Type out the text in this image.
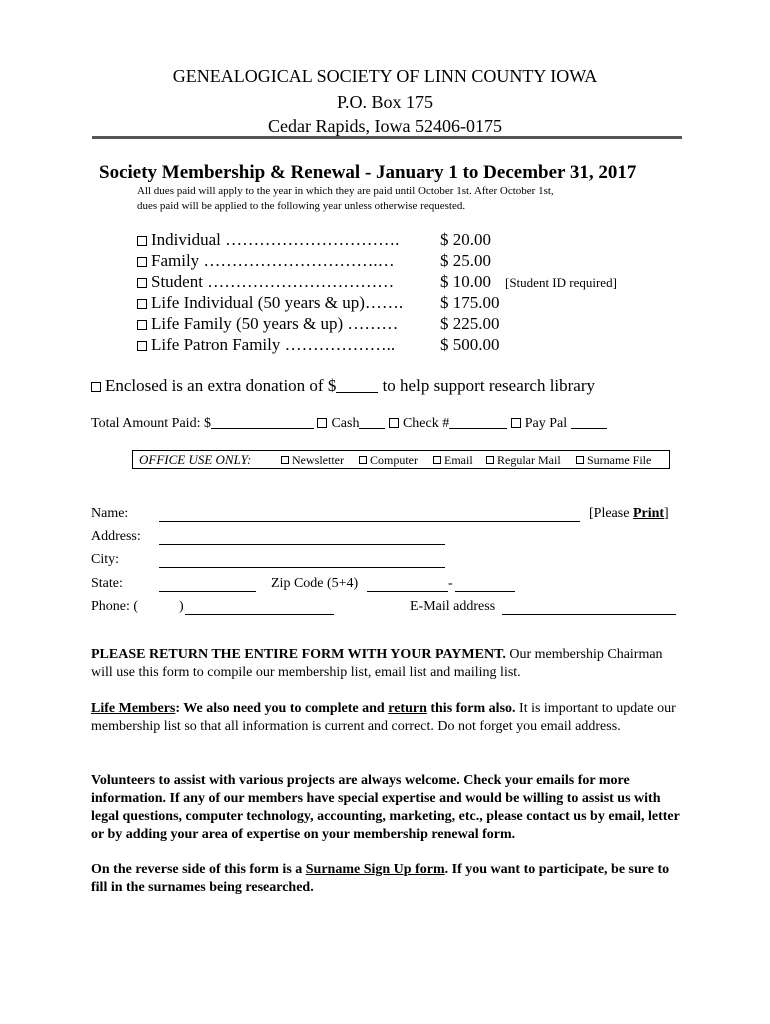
GENEALOGICAL SOCIETY OF LINN COUNTY IOWA
P.O. Box 175
Cedar Rapids, Iowa 52406-0175
Society Membership & Renewal - January 1 to December 31, 2017
All dues paid will apply to the year in which they are paid until October 1st. After October 1st,
dues paid will be applied to the following year unless otherwise requested.
Individual …………………………. $ 20.00
Family ………………………….…	$ 25.00
Student ……………………………	$ 10.00 [Student ID required]
Life Individual (50 years & up)……. $ 175.00
Life Family (50 years & up) ……… $ 225.00
Life Patron Family ………………..	$ 500.00
Enclosed is an extra donation of $ to help support research library
Total Amount Paid: $	Cash	Check #	Pay Pal
OFFICE USE ONLY:	Newsletter	Computer	Email	Regular Mail	Surname File
Name:	[Please Print]
Address:
City:
State:	Zip Code (5+4)	-
Phone: (	)	E-Mail address
PLEASE RETURN THE ENTIRE FORM WITH YOUR PAYMENT. Our membership Chairman will use this form to compile our membership list, email list and mailing list.
Life Members: We also need you to complete and return this form also. It is important to update our membership list so that all information is current and correct. Do not forget you email address.
Volunteers to assist with various projects are always welcome. Check your emails for more information. If any of our members have special expertise and would be willing to assist us with legal questions, computer technology, accounting, marketing, etc., please contact us by email, letter or by adding your area of expertise on your membership renewal form.
On the reverse side of this form is a Surname Sign Up form. If you want to participate, be sure to fill in the surnames being researched.
